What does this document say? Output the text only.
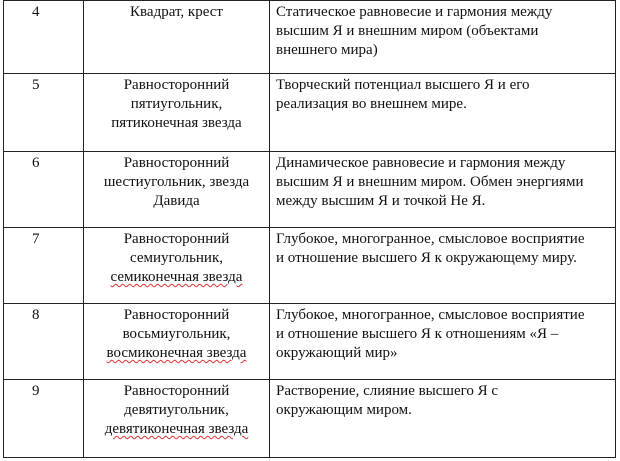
4	Квадрат, крест	Статическое равновесие и гармония между
высшим Я и внешним миром (объектами
внешнего мира)

5	Равносторонний
пятиугольник,
пятиконечная звезда	Творческий потенциал высшего Я и его
реализация во внешнем мире.

6	Равносторонний
шестиугольник, звезда
Давида	Динамическое равновесие и гармония между
высшим Я и внешним миром. Обмен энергиями
между высшим Я и точкой Не Я.

7	Равносторонний
семиугольник,
семиконечная звезда	Глубокое, многогранное, смысловое восприятие
и отношение высшего Я к окружающему миру.

8	Равносторонний
восьмиугольник,
восмиконечная звезда	Глубокое, многогранное, смысловое восприятие
и отношение высшего Я к отношениям «Я –
окружающий мир»

9	Равносторонний
девятиугольник,
девятиконечная звезда	Растворение, слияние высшего Я с
окружающим миром.
